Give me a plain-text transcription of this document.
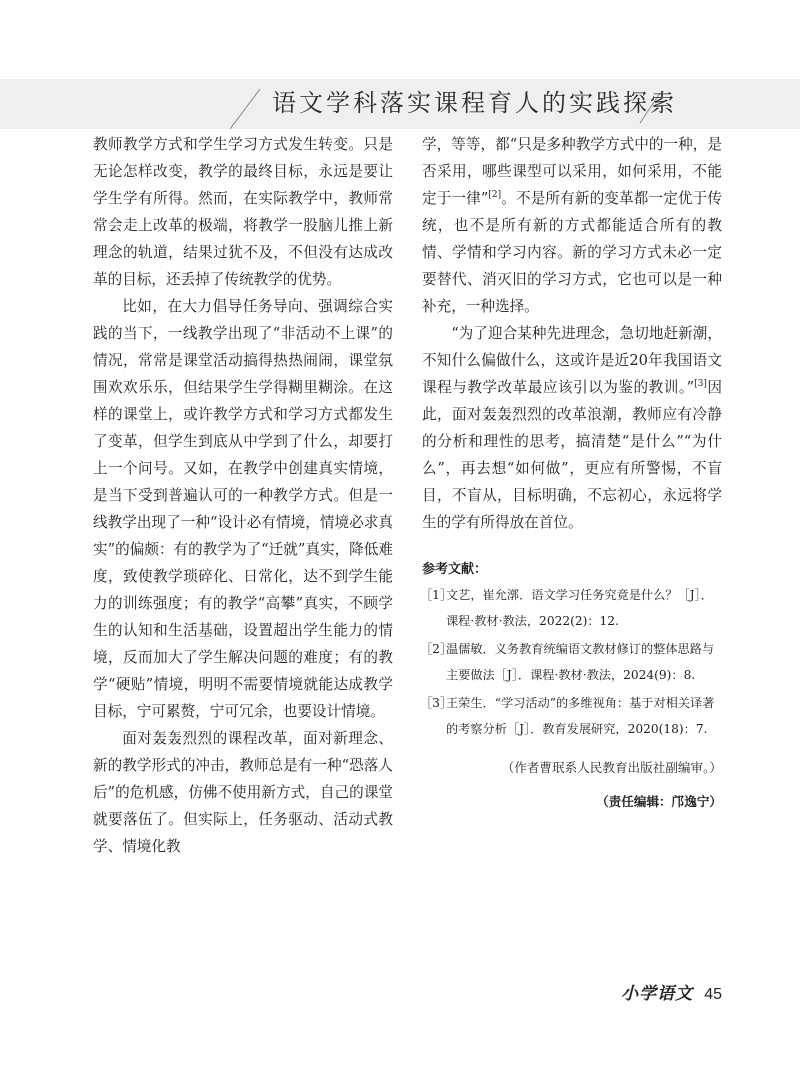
语文学科落实课程育人的实践探索

教师教学方式和学生学习方式发生转变。只是无论怎样改变，教学的最终目标，永远是要让学生学有所得。然而，在实际教学中，教师常常会走上改革的极端，将教学一股脑儿推上新理念的轨道，结果过犹不及，不但没有达成改革的目标，还丢掉了传统教学的优势。

比如，在大力倡导任务导向、强调综合实践的当下，一线教学出现了“非活动不上课”的情况，常常是课堂活动搞得热热闹闹，课堂氛围欢欢乐乐，但结果学生学得糊里糊涂。在这样的课堂上，或许教学方式和学习方式都发生了变革，但学生到底从中学到了什么，却要打上一个问号。又如，在教学中创建真实情境，是当下受到普遍认可的一种教学方式。但是一线教学出现了一种“设计必有情境，情境必求真实”的偏颇：有的教学为了“迁就”真实，降低难度，致使教学琐碎化、日常化，达不到学生能力的训练强度；有的教学“高攀”真实，不顾学生的认知和生活基础，设置超出学生能力的情境，反而加大了学生解决问题的难度；有的教学“硬贴”情境，明明不需要情境就能达成教学目标，宁可累赘，宁可冗余，也要设计情境。

面对轰轰烈烈的课程改革，面对新理念、新的教学形式的冲击，教师总是有一种“恐落人后”的危机感，仿佛不使用新方式，自己的课堂就要落伍了。但实际上，任务驱动、活动式教学、情境化教

学，等等，都“只是多种教学方式中的一种，是否采用，哪些课型可以采用，如何采用，不能定于一律”[2]。不是所有新的变革都一定优于传统，也不是所有新的方式都能适合所有的教情、学情和学习内容。新的学习方式未必一定要替代、消灭旧的学习方式，它也可以是一种补充，一种选择。

“为了迎合某种先进理念，急切地赶新潮，不知什么偏做什么，这或许是近20年我国语文课程与教学改革最应该引以为鉴的教训。”[3]因此，面对轰轰烈烈的改革浪潮，教师应有冷静的分析和理性的思考，搞清楚“是什么”“为什么”，再去想“如何做”，更应有所警惕，不盲目，不盲从，目标明确，不忘初心，永远将学生的学有所得放在首位。

参考文献：
［1］
文艺，崔允漷．语文学习任务究竟是什么？［J］．课程·教材·教法，2022(2)：12.
［2］
温儒敏．义务教育统编语文教材修订的整体思路与主要做法［J］．课程·教材·教法，2024(9)：8.
［3］
王荣生．“学习活动”的多维视角：基于对相关译著的考察分析［J］．教育发展研究，2020(18)：7.
（作者曹珉系人民教育出版社副编审。）
（责任编辑：邝逸宁）
小学语文 45
